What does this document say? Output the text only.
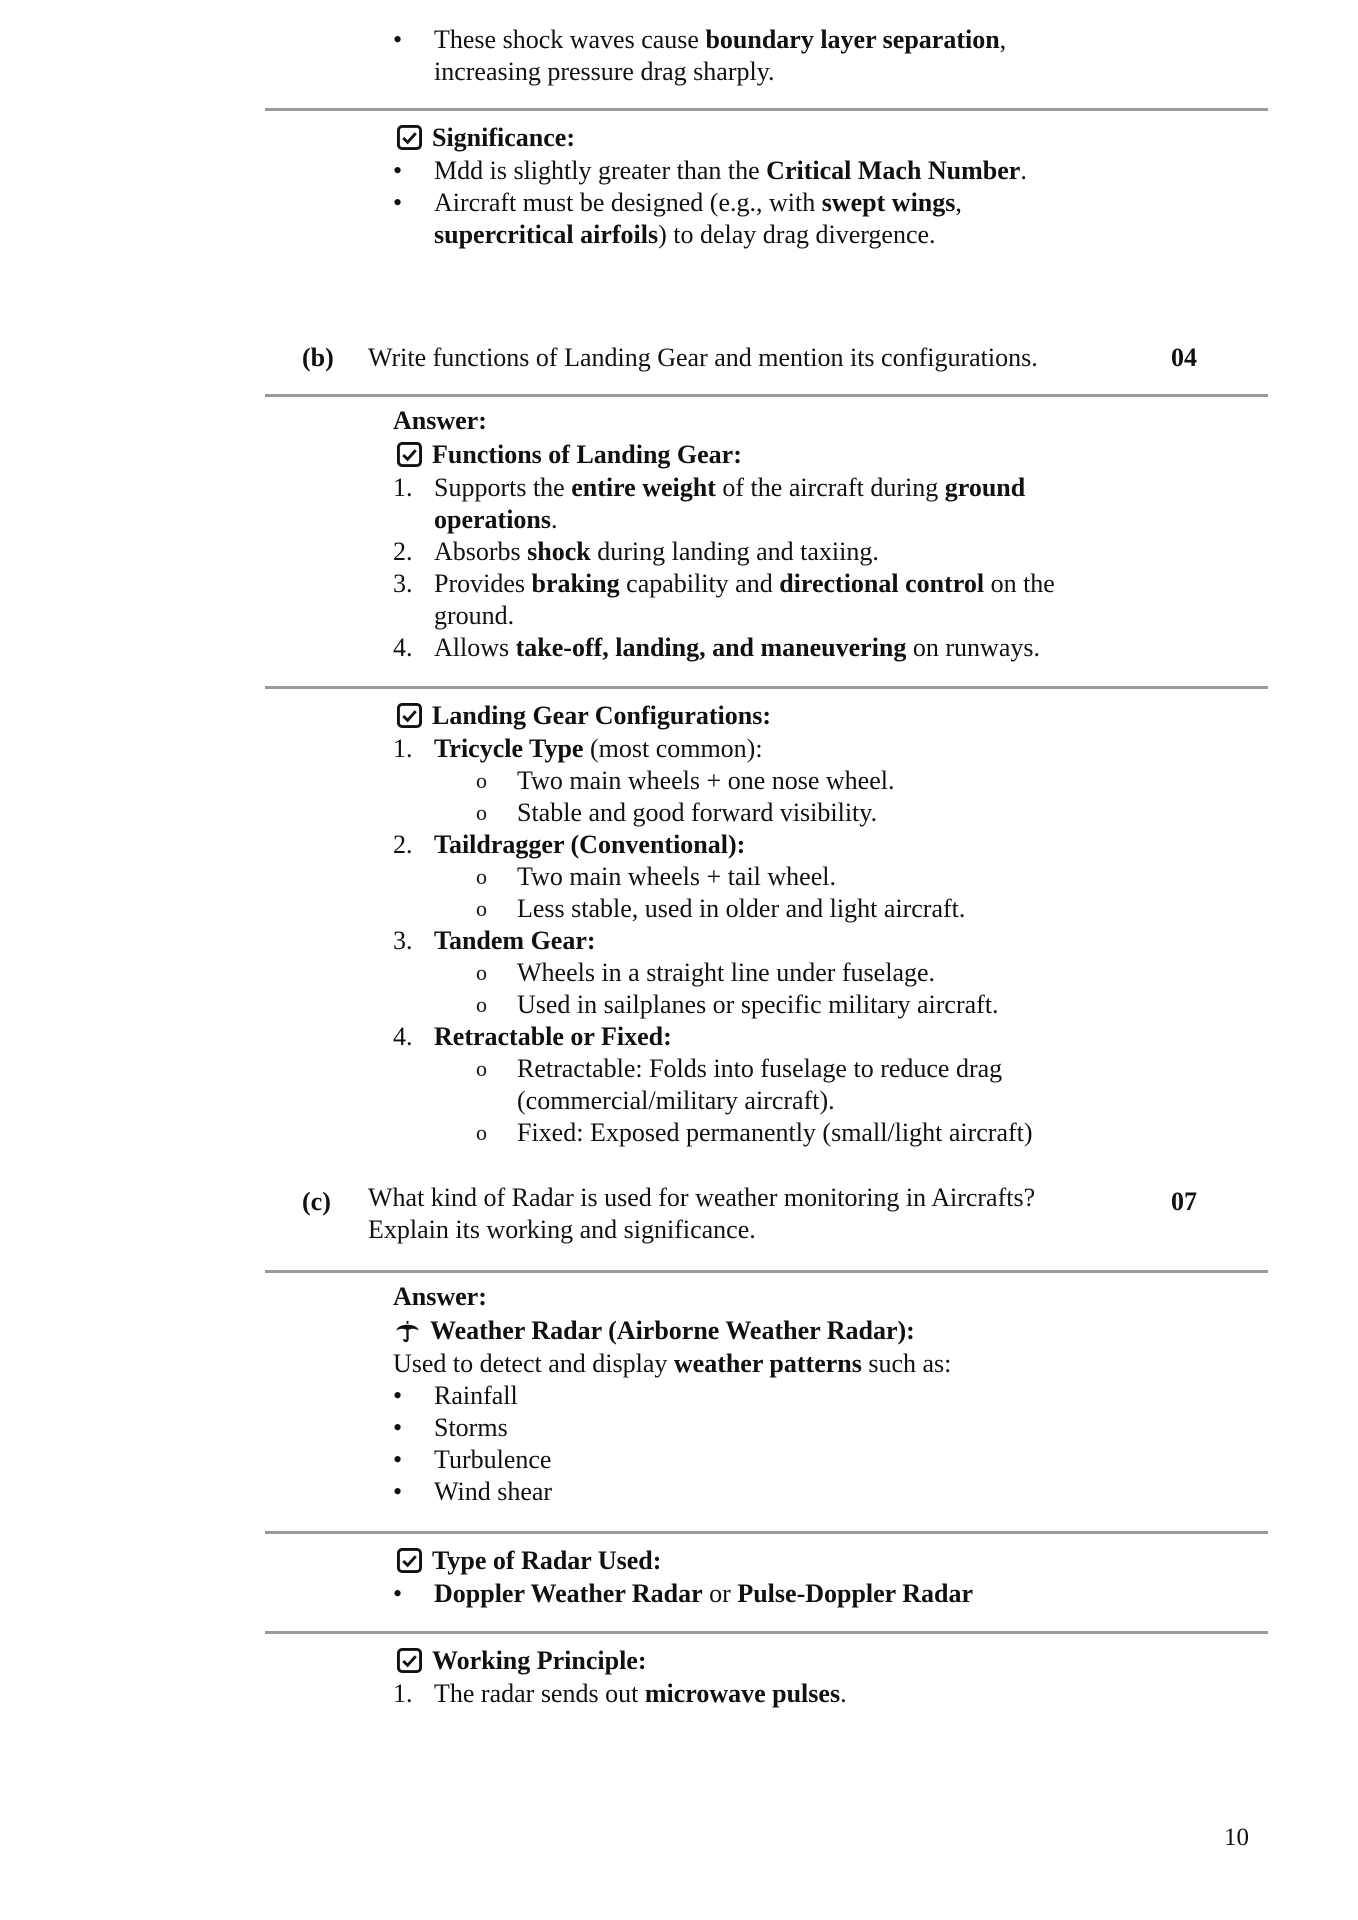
•
These shock waves cause boundary layer separation,
increasing pressure drag sharply.
Significance:
•
Mdd is slightly greater than the Critical Mach Number.
•
Aircraft must be designed (e.g., with swept wings,
supercritical airfoils) to delay drag divergence.
(b) Write functions of Landing Gear and mention its configurations.	04
Answer:
Functions of Landing Gear:
1. Supports the entire weight of the aircraft during ground
operations.
2. Absorbs shock during landing and taxiing.
3. Provides braking capability and directional control on the
ground.
4. Allows take-off, landing, and maneuvering on runways.
Landing Gear Configurations:
1. Tricycle Type (most common):
o Two main wheels + one nose wheel.
o Stable and good forward visibility.
2. Taildragger (Conventional):
o Two main wheels + tail wheel.
o Less stable, used in older and light aircraft.
3. Tandem Gear:
o Wheels in a straight line under fuselage.
o Used in sailplanes or specific military aircraft.
4. Retractable or Fixed:
o Retractable: Folds into fuselage to reduce drag
(commercial/military aircraft).
o Fixed: Exposed permanently (small/light aircraft)
(c) What kind of Radar is used for weather monitoring in Aircrafts?
Explain its working and significance.
07
Answer:
Weather Radar (Airborne Weather Radar):
Used to detect and display weather patterns such as:
•
Rainfall
•
Storms
•
Turbulence
•
Wind shear
Type of Radar Used:
•
Doppler Weather Radar or Pulse-Doppler Radar
Working Principle:
1. The radar sends out microwave pulses.
10
